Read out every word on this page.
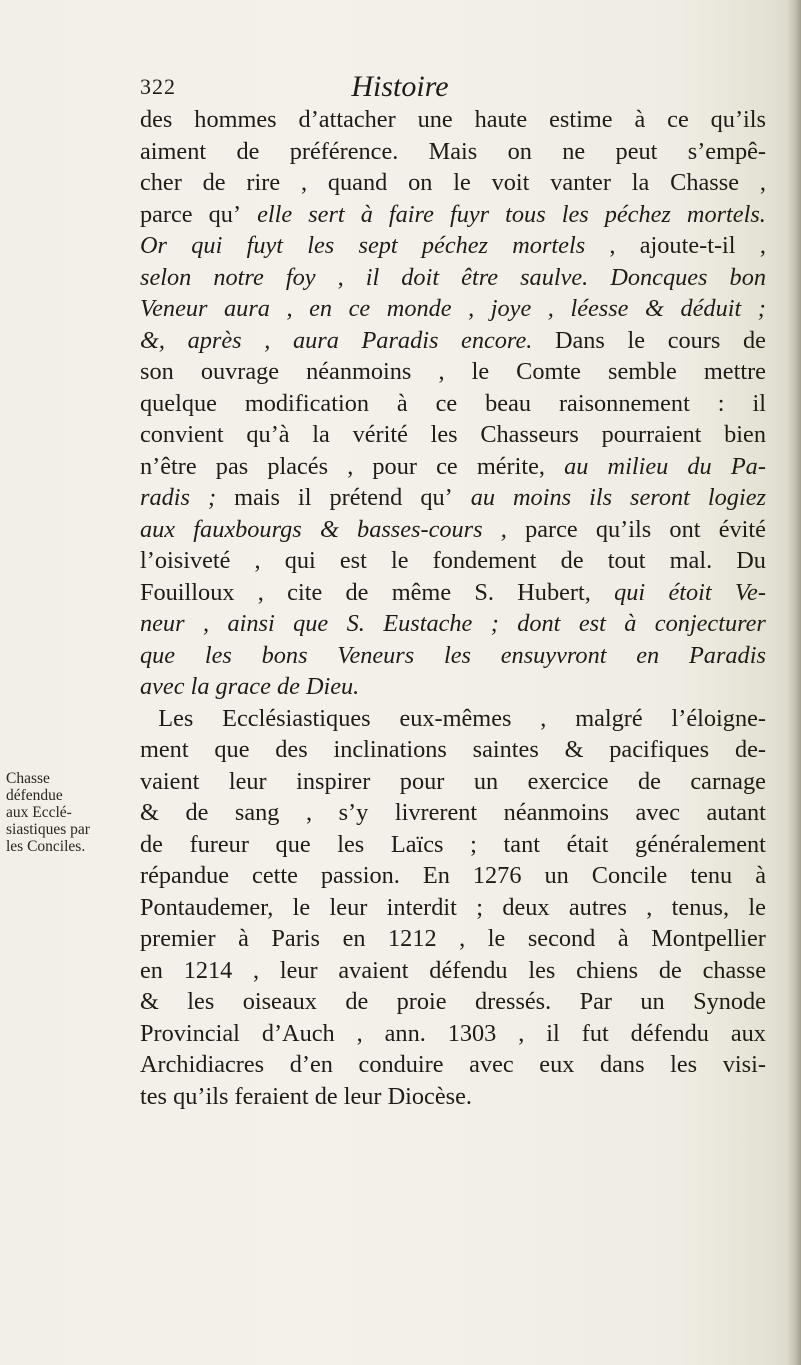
322	Histoire
Chasse
défendue
aux Ecclé-
siastiques par
les Conciles.
des hommes d’attacher une haute estime à ce qu’ils
aiment de préférence. Mais on ne peut s’empê-
cher de rire , quand on le voit vanter la Chasse ,
parce qu’ elle sert à faire fuyr tous les péchez mortels.
Or qui fuyt les sept péchez mortels , ajoute-t-il ,
selon notre foy , il doit être saulve. Doncques bon
Veneur aura , en ce monde , joye , léesse & déduit ;
&, après , aura Paradis encore. Dans le cours de
son ouvrage néanmoins , le Comte semble mettre
quelque modification à ce beau raisonnement : il
convient qu’à la vérité les Chasseurs pourraient bien
n’être pas placés , pour ce mérite, au milieu du Pa-
radis ; mais il prétend qu’ au moins ils seront logiez
aux fauxbourgs & basses-cours , parce qu’ils ont évité
l’oisiveté , qui est le fondement de tout mal. Du
Fouilloux , cite de même S. Hubert, qui étoit Ve-
neur , ainsi que S. Eustache ; dont est à conjecturer
que les bons Veneurs les ensuyvront en Paradis
avec la grace de Dieu.
Les Ecclésiastiques eux-mêmes , malgré l’éloigne-
ment que des inclinations saintes & pacifiques de-
vaient leur inspirer pour un exercice de carnage
& de sang , s’y livrerent néanmoins avec autant
de fureur que les Laïcs ; tant était généralement
répandue cette passion. En 1276 un Concile tenu à
Pontaudemer, le leur interdit ; deux autres , tenus, le
premier à Paris en 1212 , le second à Montpellier
en 1214 , leur avaient défendu les chiens de chasse
& les oiseaux de proie dressés. Par un Synode
Provincial d’Auch , ann. 1303 , il fut défendu aux
Archidiacres d’en conduire avec eux dans les visi-
tes qu’ils feraient de leur Diocèse.
